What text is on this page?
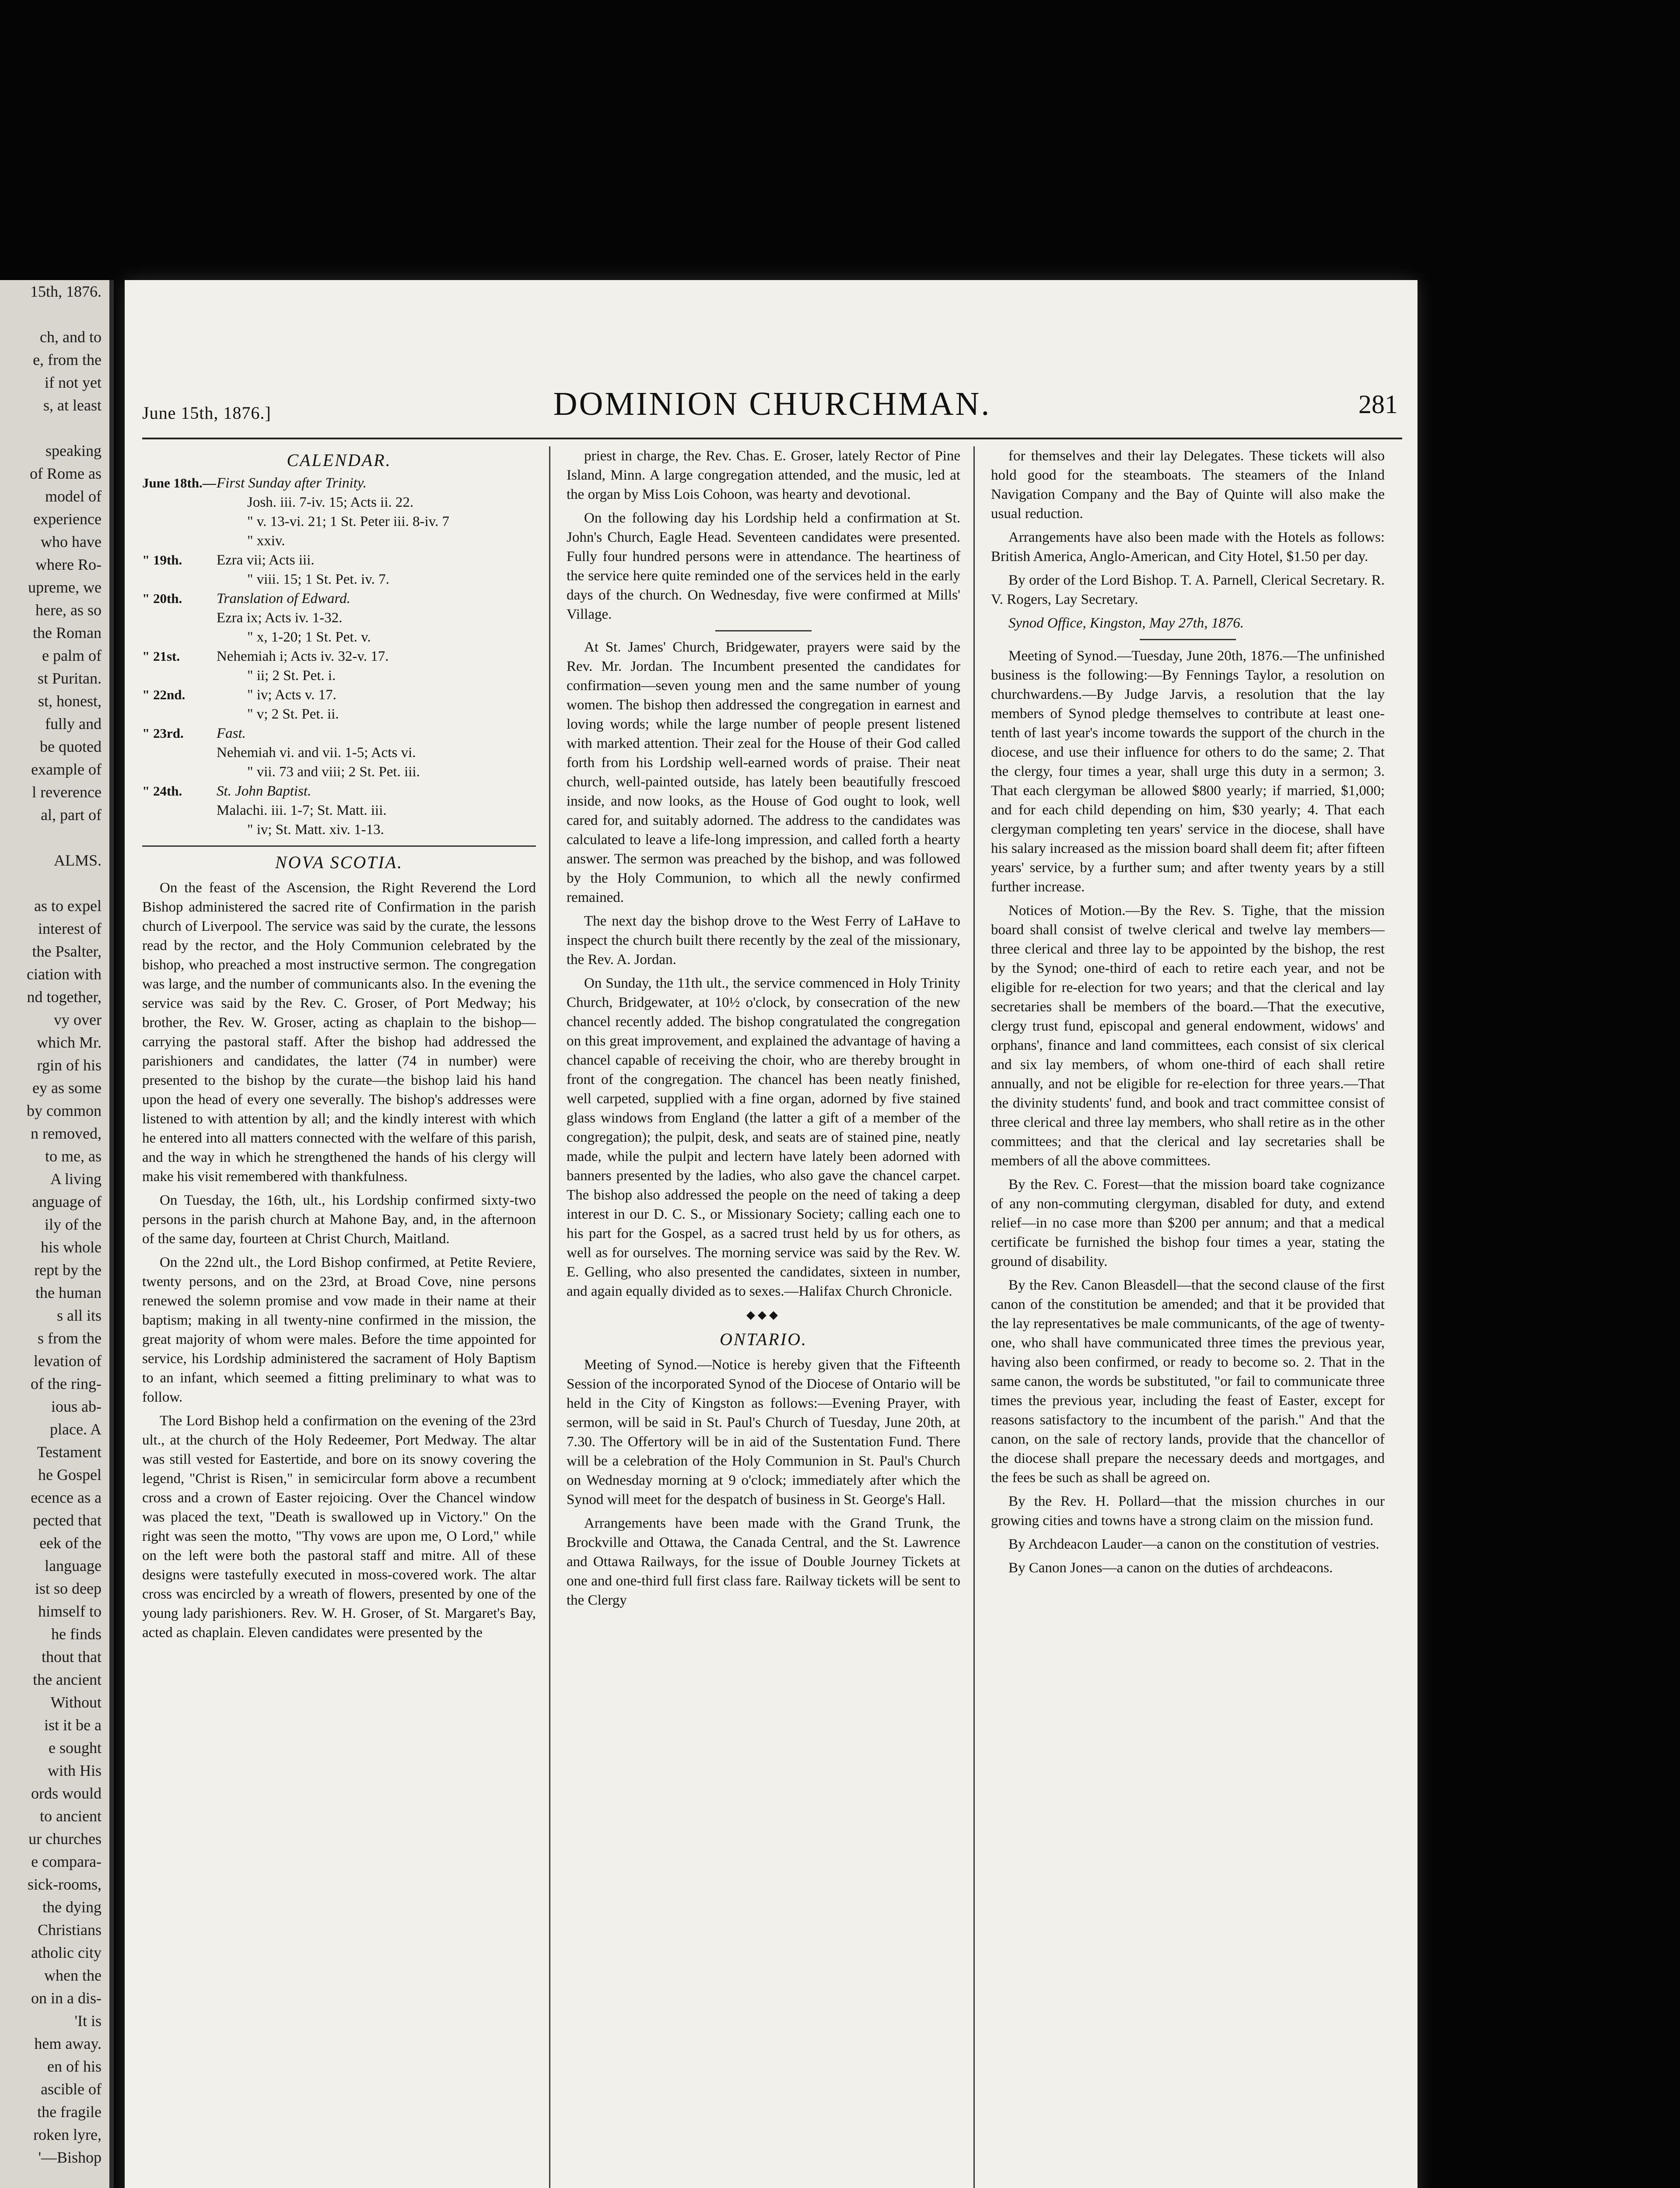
15th, 1876.

ch, and to
e, from the
if not yet
s, at least

speaking
of Rome as
model of
experience
who have
where Ro-
upreme, we
here, as so
the Roman
e palm of
st Puritan.
st, honest,
fully and
be quoted
example of
l reverence
al, part of

ALMS.

as to expel
interest of
the Psalter,
ciation with
nd together,
vy over
which Mr.
rgin of his
ey as some
by common
n removed,
to me, as
A living
anguage of
ily of the
his whole
rept by the
the human
s all its
s from the
levation of
of the ring-
ious ab-
place. A
Testament
he Gospel
ecence as a
pected that
eek of the
language
ist so deep
himself to
he finds
thout that
the ancient
Without
ist it be a
e sought
with His
ords would
to ancient
ur churches
e compara-
sick-rooms,
the dying
Christians
atholic city
when the
on in a dis-
'It is
hem away.
en of his
ascible of
the fragile
roken lyre,
'—Bishop

June 15th, 1876.]	DOMINION CHURCHMAN.	281
CALENDAR.
June 18th.— First Sunday after Trinity.
Josh. iii. 7-iv. 15; Acts ii. 22.
" v. 13-vi. 21; 1 St. Peter iii. 8-iv. 7
" xxiv.
" 19th.	Ezra vii; Acts iii.
" viii. 15; 1 St. Pet. iv. 7.
" 20th.	Translation of Edward.
Ezra ix; Acts iv. 1-32.
" x, 1-20; 1 St. Pet. v.
" 21st.	Nehemiah i; Acts iv. 32-v. 17.
" ii; 2 St. Pet. i.
" 22nd.	" iv; Acts v. 17.
" v; 2 St. Pet. ii.
" 23rd.	Fast.
Nehemiah vi. and vii. 1-5; Acts vi.
" vii. 73 and viii; 2 St. Pet. iii.
" 24th.	St. John Baptist.
Malachi. iii. 1-7; St. Matt. iii.
" iv; St. Matt. xiv. 1-13.
NOVA SCOTIA.

On the feast of the Ascension, the Right Reverend the Lord Bishop administered the sacred rite of Confirmation in the parish church of Liverpool. The service was said by the curate, the lessons read by the rector, and the Holy Communion celebrated by the bishop, who preached a most instructive sermon. The congregation was large, and the number of communicants also. In the evening the service was said by the Rev. C. Groser, of Port Medway; his brother, the Rev. W. Groser, acting as chaplain to the bishop—carrying the pastoral staff. After the bishop had addressed the parishioners and candidates, the latter (74 in number) were presented to the bishop by the curate—the bishop laid his hand upon the head of every one severally. The bishop's addresses were listened to with attention by all; and the kindly interest with which he entered into all matters connected with the welfare of this parish, and the way in which he strengthened the hands of his clergy will make his visit remembered with thankfulness.

On Tuesday, the 16th, ult., his Lordship confirmed sixty-two persons in the parish church at Mahone Bay, and, in the afternoon of the same day, fourteen at Christ Church, Maitland.

On the 22nd ult., the Lord Bishop confirmed, at Petite Reviere, twenty persons, and on the 23rd, at Broad Cove, nine persons renewed the solemn promise and vow made in their name at their baptism; making in all twenty-nine confirmed in the mission, the great majority of whom were males. Before the time appointed for service, his Lordship administered the sacrament of Holy Baptism to an infant, which seemed a fitting preliminary to what was to follow.

The Lord Bishop held a confirmation on the evening of the 23rd ult., at the church of the Holy Redeemer, Port Medway. The altar was still vested for Eastertide, and bore on its snowy covering the legend, "Christ is Risen," in semicircular form above a recumbent cross and a crown of Easter rejoicing. Over the Chancel window was placed the text, "Death is swallowed up in Victory." On the right was seen the motto, "Thy vows are upon me, O Lord," while on the left were both the pastoral staff and mitre. All of these designs were tastefully executed in moss-covered work. The altar cross was encircled by a wreath of flowers, presented by one of the young lady parishioners. Rev. W. H. Groser, of St. Margaret's Bay, acted as chaplain. Eleven candidates were presented by the

priest in charge, the Rev. Chas. E. Groser, lately Rector of Pine Island, Minn. A large congregation attended, and the music, led at the organ by Miss Lois Cohoon, was hearty and devotional.

On the following day his Lordship held a confirmation at St. John's Church, Eagle Head. Seventeen candidates were presented. Fully four hundred persons were in attendance. The heartiness of the service here quite reminded one of the services held in the early days of the church. On Wednesday, five were confirmed at Mills' Village.

At St. James' Church, Bridgewater, prayers were said by the Rev. Mr. Jordan. The Incumbent presented the candidates for confirmation—seven young men and the same number of young women. The bishop then addressed the congregation in earnest and loving words; while the large number of people present listened with marked attention. Their zeal for the House of their God called forth from his Lordship well-earned words of praise. Their neat church, well-painted outside, has lately been beautifully frescoed inside, and now looks, as the House of God ought to look, well cared for, and suitably adorned. The address to the candidates was calculated to leave a life-long impression, and called forth a hearty answer. The sermon was preached by the bishop, and was followed by the Holy Communion, to which all the newly confirmed remained.

The next day the bishop drove to the West Ferry of LaHave to inspect the church built there recently by the zeal of the missionary, the Rev. A. Jordan.

On Sunday, the 11th ult., the service commenced in Holy Trinity Church, Bridgewater, at 10½ o'clock, by consecration of the new chancel recently added. The bishop congratulated the congregation on this great improvement, and explained the advantage of having a chancel capable of receiving the choir, who are thereby brought in front of the congregation. The chancel has been neatly finished, well carpeted, supplied with a fine organ, adorned by five stained glass windows from England (the latter a gift of a member of the congregation); the pulpit, desk, and seats are of stained pine, neatly made, while the pulpit and lectern have lately been adorned with banners presented by the ladies, who also gave the chancel carpet. The bishop also addressed the people on the need of taking a deep interest in our D. C. S., or Missionary Society; calling each one to his part for the Gospel, as a sacred trust held by us for others, as well as for ourselves. The morning service was said by the Rev. W. E. Gelling, who also presented the candidates, sixteen in number, and again equally divided as to sexes.—Halifax Church Chronicle.

◆◆◆
ONTARIO.

Meeting of Synod.—Notice is hereby given that the Fifteenth Session of the incorporated Synod of the Diocese of Ontario will be held in the City of Kingston as follows:—Evening Prayer, with sermon, will be said in St. Paul's Church of Tuesday, June 20th, at 7.30. The Offertory will be in aid of the Sustentation Fund. There will be a celebration of the Holy Communion in St. Paul's Church on Wednesday morning at 9 o'clock; immediately after which the Synod will meet for the despatch of business in St. George's Hall.

Arrangements have been made with the Grand Trunk, the Brockville and Ottawa, the Canada Central, and the St. Lawrence and Ottawa Railways, for the issue of Double Journey Tickets at one and one-third full first class fare. Railway tickets will be sent to the Clergy

for themselves and their lay Delegates. These tickets will also hold good for the steamboats. The steamers of the Inland Navigation Company and the Bay of Quinte will also make the usual reduction.

Arrangements have also been made with the Hotels as follows: British America, Anglo-American, and City Hotel, $1.50 per day.

By order of the Lord Bishop. T. A. Parnell, Clerical Secretary. R. V. Rogers, Lay Secretary.

Synod Office, Kingston, May 27th, 1876.

Meeting of Synod.—Tuesday, June 20th, 1876.—The unfinished business is the following:—By Fennings Taylor, a resolution on churchwardens.—By Judge Jarvis, a resolution that the lay members of Synod pledge themselves to contribute at least one-tenth of last year's income towards the support of the church in the diocese, and use their influence for others to do the same; 2. That the clergy, four times a year, shall urge this duty in a sermon; 3. That each clergyman be allowed $800 yearly; if married, $1,000; and for each child depending on him, $30 yearly; 4. That each clergyman completing ten years' service in the diocese, shall have his salary increased as the mission board shall deem fit; after fifteen years' service, by a further sum; and after twenty years by a still further increase.

Notices of Motion.—By the Rev. S. Tighe, that the mission board shall consist of twelve clerical and twelve lay members—three clerical and three lay to be appointed by the bishop, the rest by the Synod; one-third of each to retire each year, and not be eligible for re-election for two years; and that the clerical and lay secretaries shall be members of the board.—That the executive, clergy trust fund, episcopal and general endowment, widows' and orphans', finance and land committees, each consist of six clerical and six lay members, of whom one-third of each shall retire annually, and not be eligible for re-election for three years.—That the divinity students' fund, and book and tract committee consist of three clerical and three lay members, who shall retire as in the other committees; and that the clerical and lay secretaries shall be members of all the above committees.

By the Rev. C. Forest—that the mission board take cognizance of any non-commuting clergyman, disabled for duty, and extend relief—in no case more than $200 per annum; and that a medical certificate be furnished the bishop four times a year, stating the ground of disability.

By the Rev. Canon Bleasdell—that the second clause of the first canon of the constitution be amended; and that it be provided that the lay representatives be male communicants, of the age of twenty-one, who shall have communicated three times the previous year, having also been confirmed, or ready to become so. 2. That in the same canon, the words be substituted, "or fail to communicate three times the previous year, including the feast of Easter, except for reasons satisfactory to the incumbent of the parish." And that the canon, on the sale of rectory lands, provide that the chancellor of the diocese shall prepare the necessary deeds and mortgages, and the fees be such as shall be agreed on.

By the Rev. H. Pollard—that the mission churches in our growing cities and towns have a strong claim on the mission fund.

By Archdeacon Lauder—a canon on the constitution of vestries.

By Canon Jones—a canon on the duties of archdeacons.
